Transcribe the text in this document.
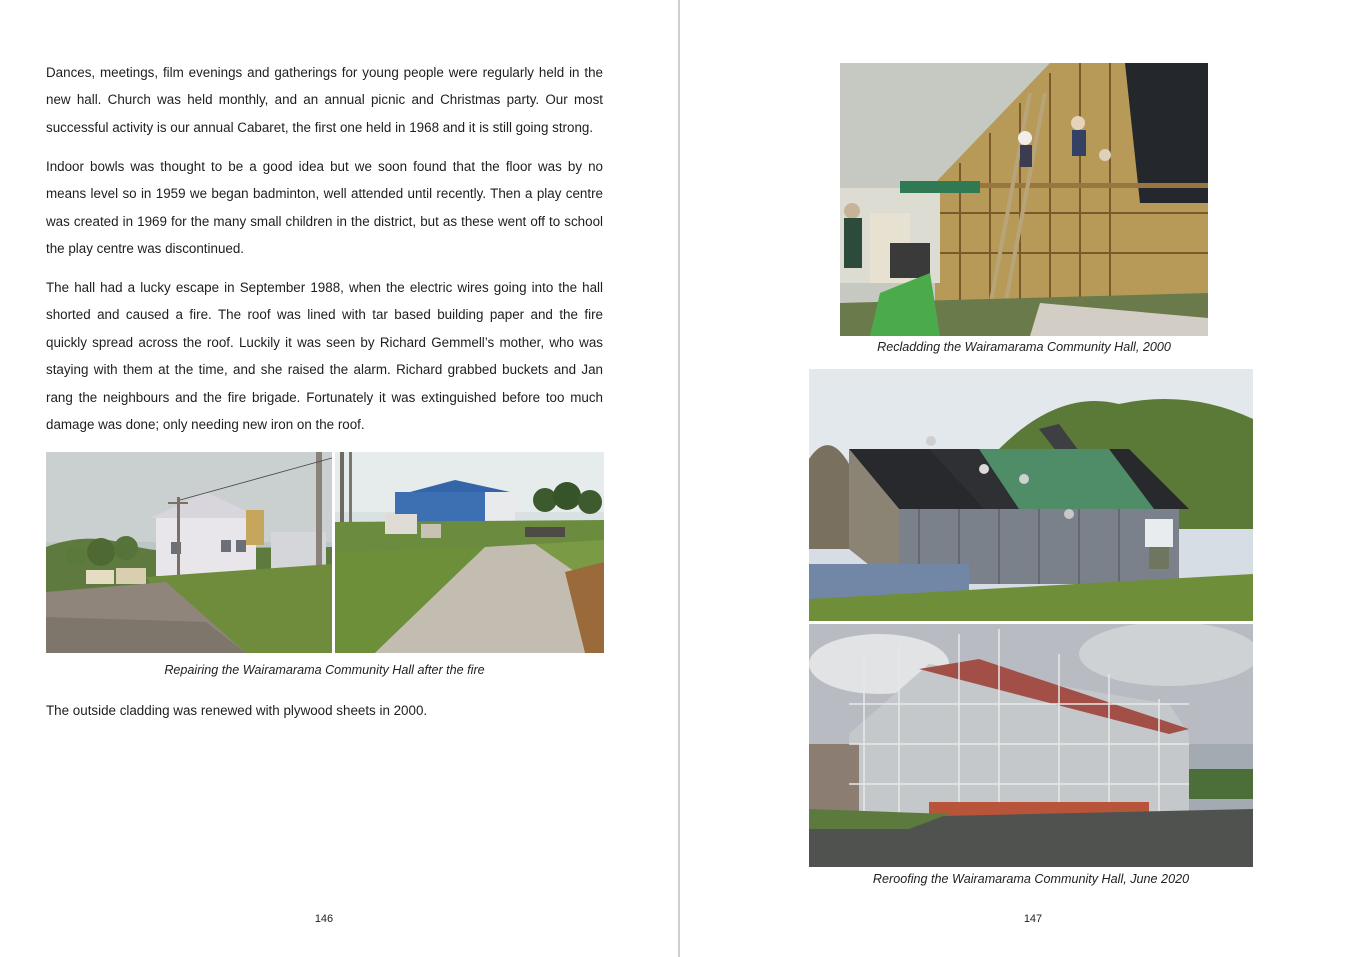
Dances, meetings, film evenings and gatherings for young people were regularly held in the new hall. Church was held monthly, and an annual picnic and Christmas party. Our most successful activity is our annual Cabaret, the first one held in 1968 and it is still going strong.

Indoor bowls was thought to be a good idea but we soon found that the floor was by no means level so in 1959 we began badminton, well attended until recently. Then a play centre was created in 1969 for the many small children in the district, but as these went off to school the play centre was discontinued.

The hall had a lucky escape in September 1988, when the electric wires going into the hall shorted and caused a fire. The roof was lined with tar based building paper and the fire quickly spread across the roof. Luckily it was seen by Richard Gemmell’s mother, who was staying with them at the time, and she raised the alarm. Richard grabbed buckets and Jan rang the neighbours and the fire brigade. Fortunately it was extinguished before too much damage was done; only needing new iron on the roof.

Repairing the Wairamarama Community Hall after the fire

The outside cladding was renewed with plywood sheets in 2000.

146

Recladding the Wairamarama Community Hall, 2000

Reroofing the Wairamarama Community Hall, June 2020

147
